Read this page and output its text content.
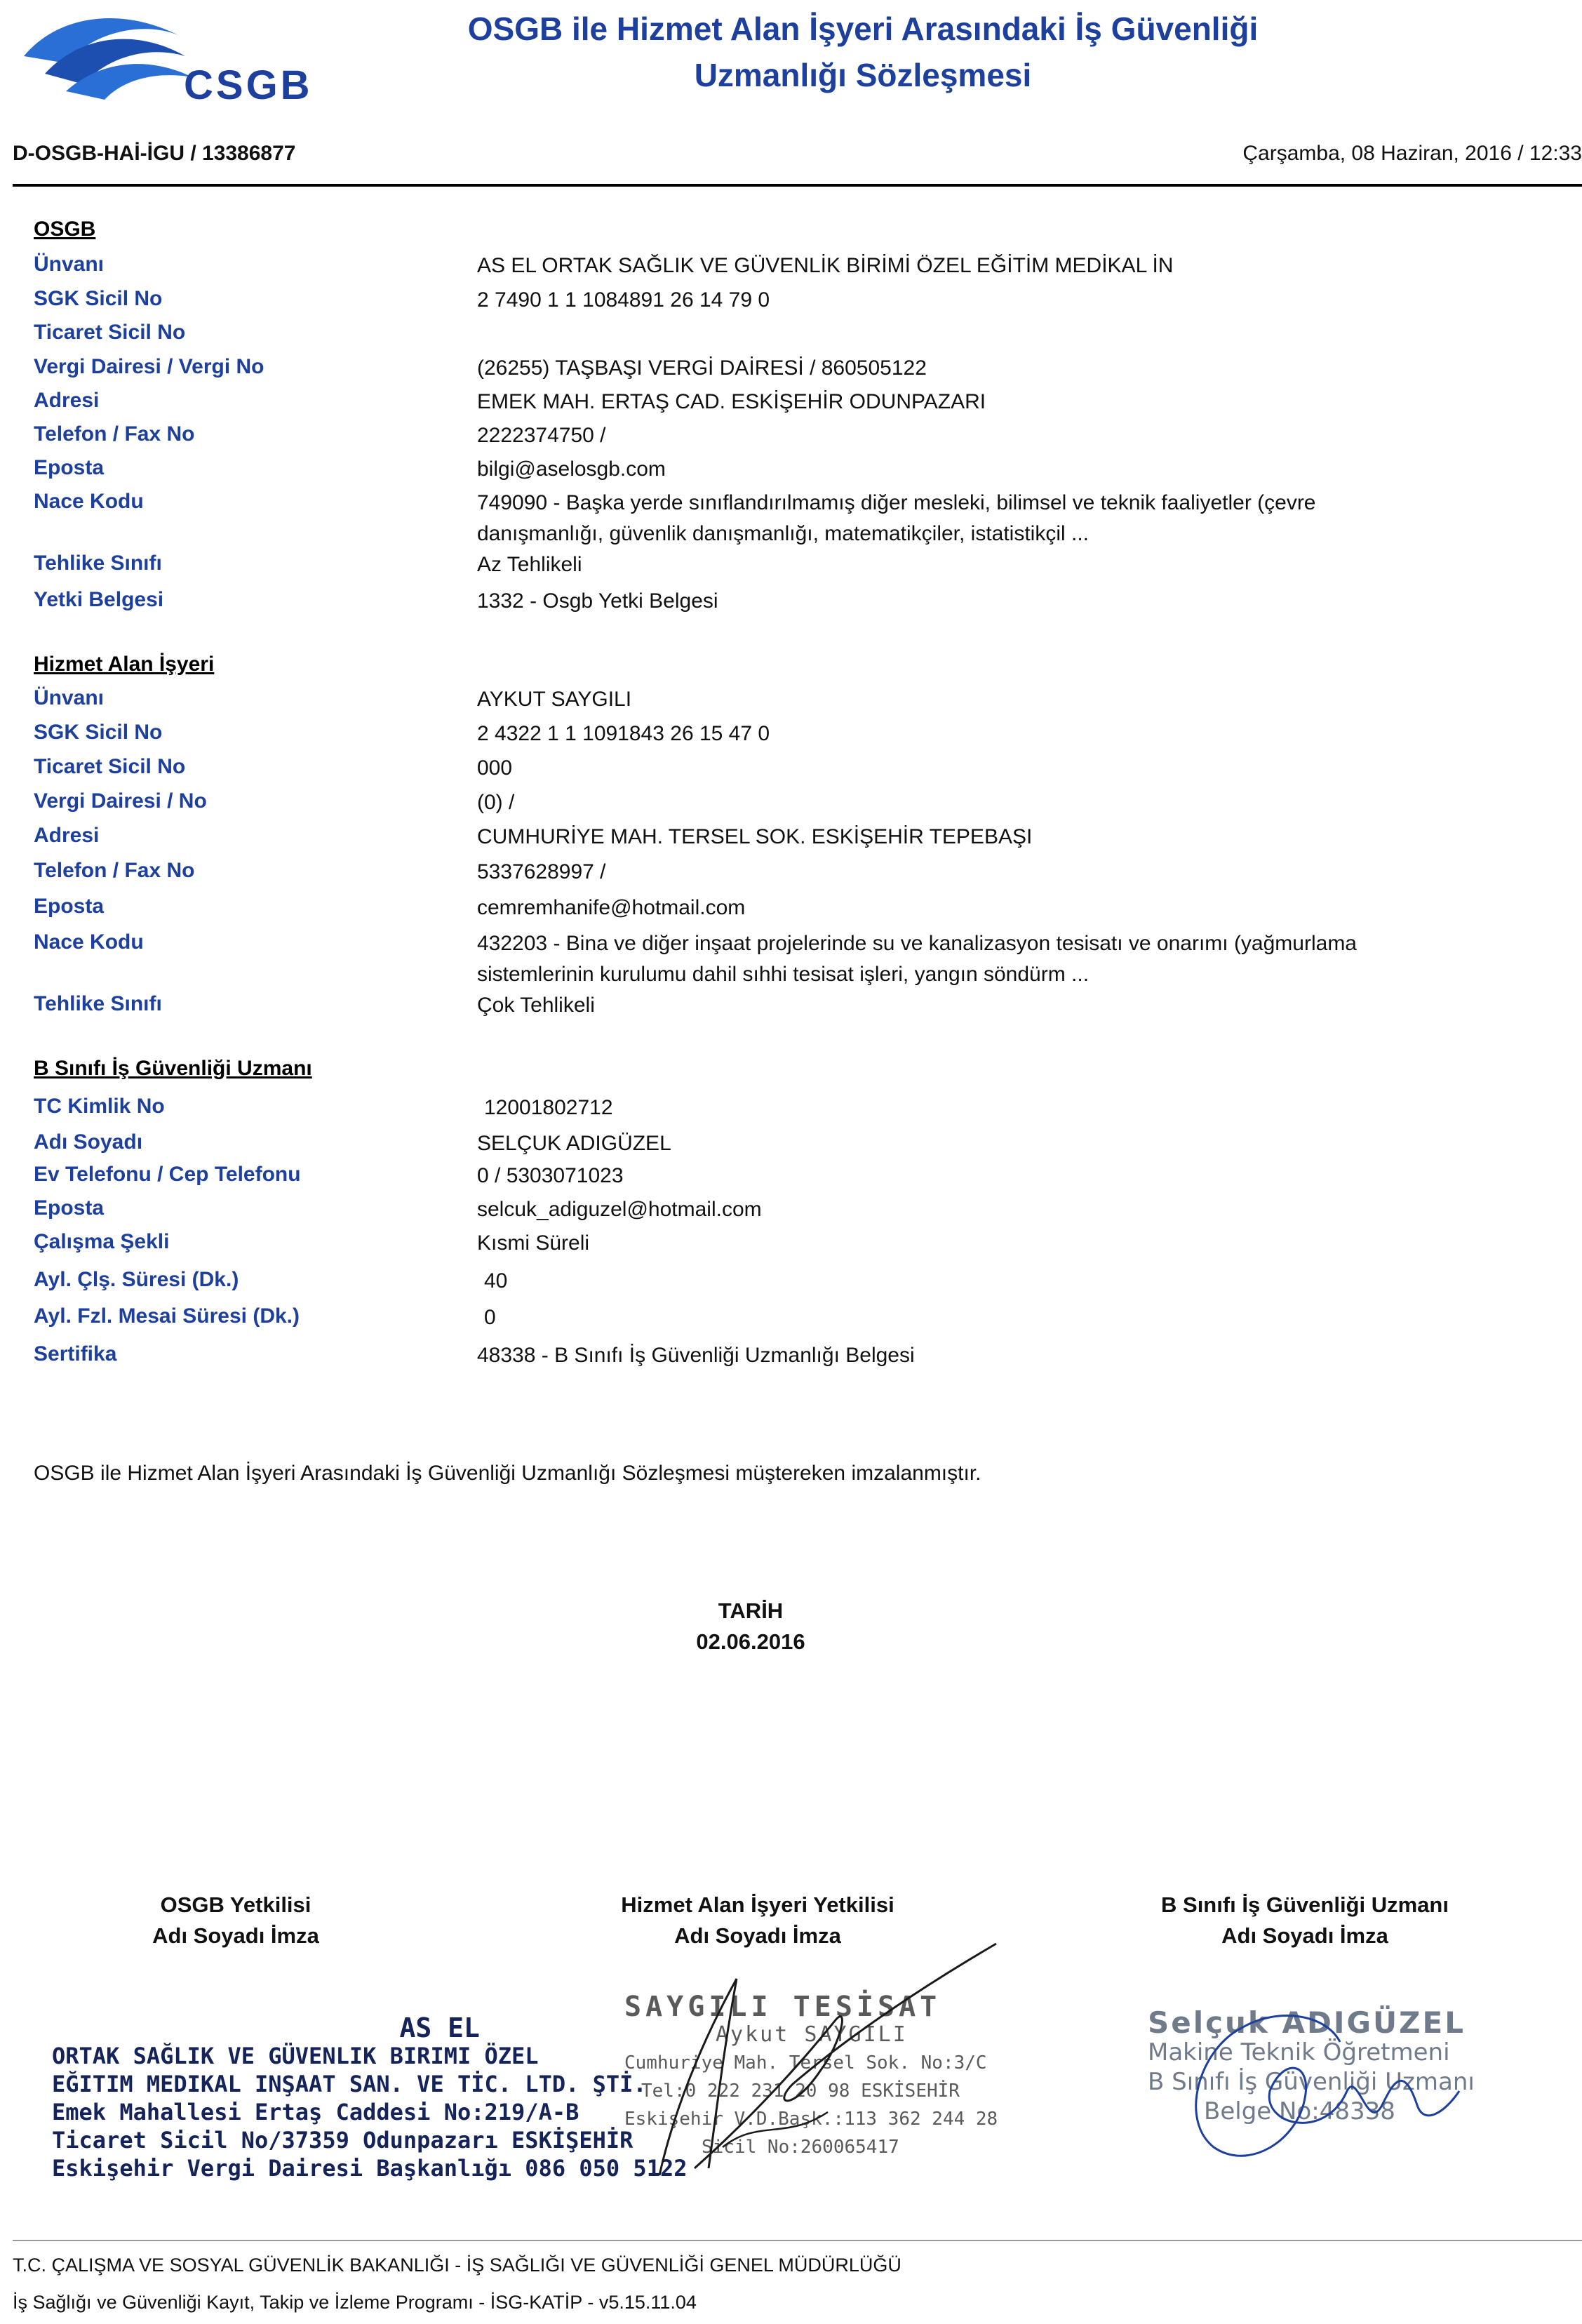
CSGB
OSGB ile Hizmet Alan İşyeri Arasındaki İş Güvenliği
Uzmanlığı Sözleşmesi
D-OSGB-HAİ-İGU / 13386877	Çarşamba, 08 Haziran, 2016 / 12:33
OSGB
Ünvanı	AS EL ORTAK SAĞLIK VE GÜVENLİK BİRİMİ ÖZEL EĞİTİM MEDİKAL İN
SGK Sicil No	2 7490 1 1 1084891 26 14 79 0
Ticaret Sicil No
Vergi Dairesi / Vergi No	(26255) TAŞBAŞI VERGİ DAİRESİ / 860505122
Adresi	EMEK MAH. ERTAŞ CAD. ESKİŞEHİR ODUNPAZARI
Telefon / Fax No	2222374750 /
Eposta	bilgi@aselosgb.com
Nace Kodu	749090 - Başka yerde sınıflandırılmamış diğer mesleki, bilimsel ve teknik faaliyetler (çevre danışmanlığı, güvenlik danışmanlığı, matematikçiler, istatistikçil ...
Tehlike Sınıfı	Az Tehlikeli
Yetki Belgesi	1332 - Osgb Yetki Belgesi
Hizmet Alan İşyeri
Ünvanı	AYKUT SAYGILI
SGK Sicil No	2 4322 1 1 1091843 26 15 47 0
Ticaret Sicil No	000
Vergi Dairesi / No	(0) /
Adresi	CUMHURİYE MAH. TERSEL SOK. ESKİŞEHİR TEPEBAŞI
Telefon / Fax No	5337628997 /
Eposta	cemremhanife@hotmail.com
Nace Kodu	432203 - Bina ve diğer inşaat projelerinde su ve kanalizasyon tesisatı ve onarımı (yağmurlama sistemlerinin kurulumu dahil sıhhi tesisat işleri, yangın söndürm ...
Tehlike Sınıfı	Çok Tehlikeli
B Sınıfı İş Güvenliği Uzmanı
TC Kimlik No	12001802712
Adı Soyadı	SELÇUK ADIGÜZEL
Ev Telefonu / Cep Telefonu	0 / 5303071023
Eposta	selcuk_adiguzel@hotmail.com
Çalışma Şekli	Kısmi Süreli
Ayl. Çlş. Süresi (Dk.)	40
Ayl. Fzl. Mesai Süresi (Dk.)	0
Sertifika	48338 - B Sınıfı İş Güvenliği Uzmanlığı Belgesi
OSGB ile Hizmet Alan İşyeri Arasındaki İş Güvenliği Uzmanlığı Sözleşmesi müştereken imzalanmıştır.
TARİH
02.06.2016
OSGB Yetkilisi
Adı Soyadı İmza
Hizmet Alan İşyeri Yetkilisi
Adı Soyadı İmza
B Sınıfı İş Güvenliği Uzmanı
Adı Soyadı İmza
AS EL
ORTAK SAĞLIK VE GÜVENLIK BIRIMI ÖZEL
EĞITIM MEDIKAL INŞAAT SAN. VE TİC. LTD. ŞTİ.
Emek Mahallesi Ertaş Caddesi No:219/A-B
Ticaret Sicil No/37359 Odunpazarı ESKİŞEHİR
Eskişehir Vergi Dairesi Başkanlığı 086 050 5122
SAYGILI TESİSAT
Aykut SAYGILI
Cumhuriye Mah. Tersel Sok. No:3/C
Tel:0 222 231 20 98 ESKİSEHİR
Eskişehir V.D.Başk.:113 362 244 28
Sicil No:260065417
Selçuk ADIGÜZEL
Makine Teknik Öğretmeni
B Sınıfı İş Güvenliği Uzmanı
Belge No:48338
T.C. ÇALIŞMA VE SOSYAL GÜVENLİK BAKANLIĞI - İŞ SAĞLIĞI VE GÜVENLİĞİ GENEL MÜDÜRLÜĞÜ
İş Sağlığı ve Güvenliği Kayıt, Takip ve İzleme Programı - İSG-KATİP - v5.15.11.04
